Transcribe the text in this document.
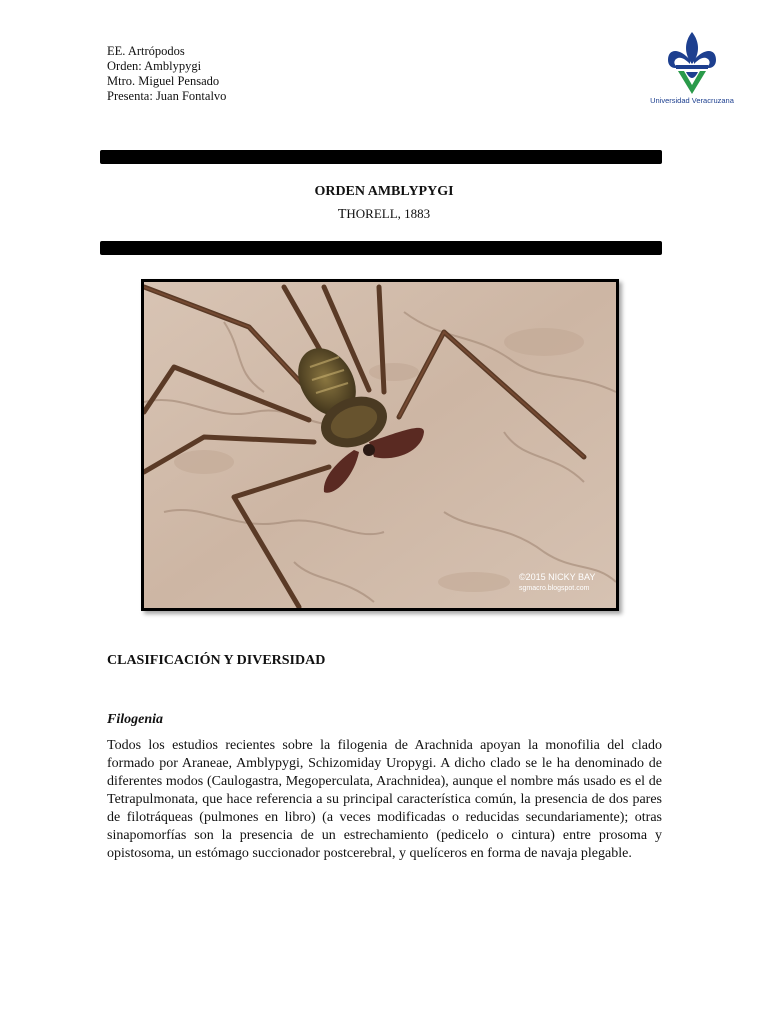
EE. Artrópodos
Orden: Amblypygi
Mtro. Miguel Pensado
Presenta: Juan Fontalvo	Universidad Veracruzana
ORDEN AMBLYPYGI
THORELL, 1883
©2015 NICKY BAY
sgmacro.blogspot.com
CLASIFICACIÓN Y DIVERSIDAD
Filogenia
Todos los estudios recientes sobre la filogenia de Arachnida apoyan la monofilia del clado formado por Araneae, Amblypygi, Schizomiday Uropygi. A dicho clado se le ha denominado de diferentes modos (Caulogastra, Megoperculata, Arachnidea), aunque el nombre más usado es el de Tetrapulmonata, que hace referencia a su principal característica común, la presencia de dos pares de filotráqueas (pulmones en libro) (a veces modificadas o reducidas secundariamente); otras sinapomorfías son la presencia de un estrechamiento (pedicelo o cintura) entre prosoma y opistosoma, un estómago succionador postcerebral, y quelíceros en forma de navaja plegable.
